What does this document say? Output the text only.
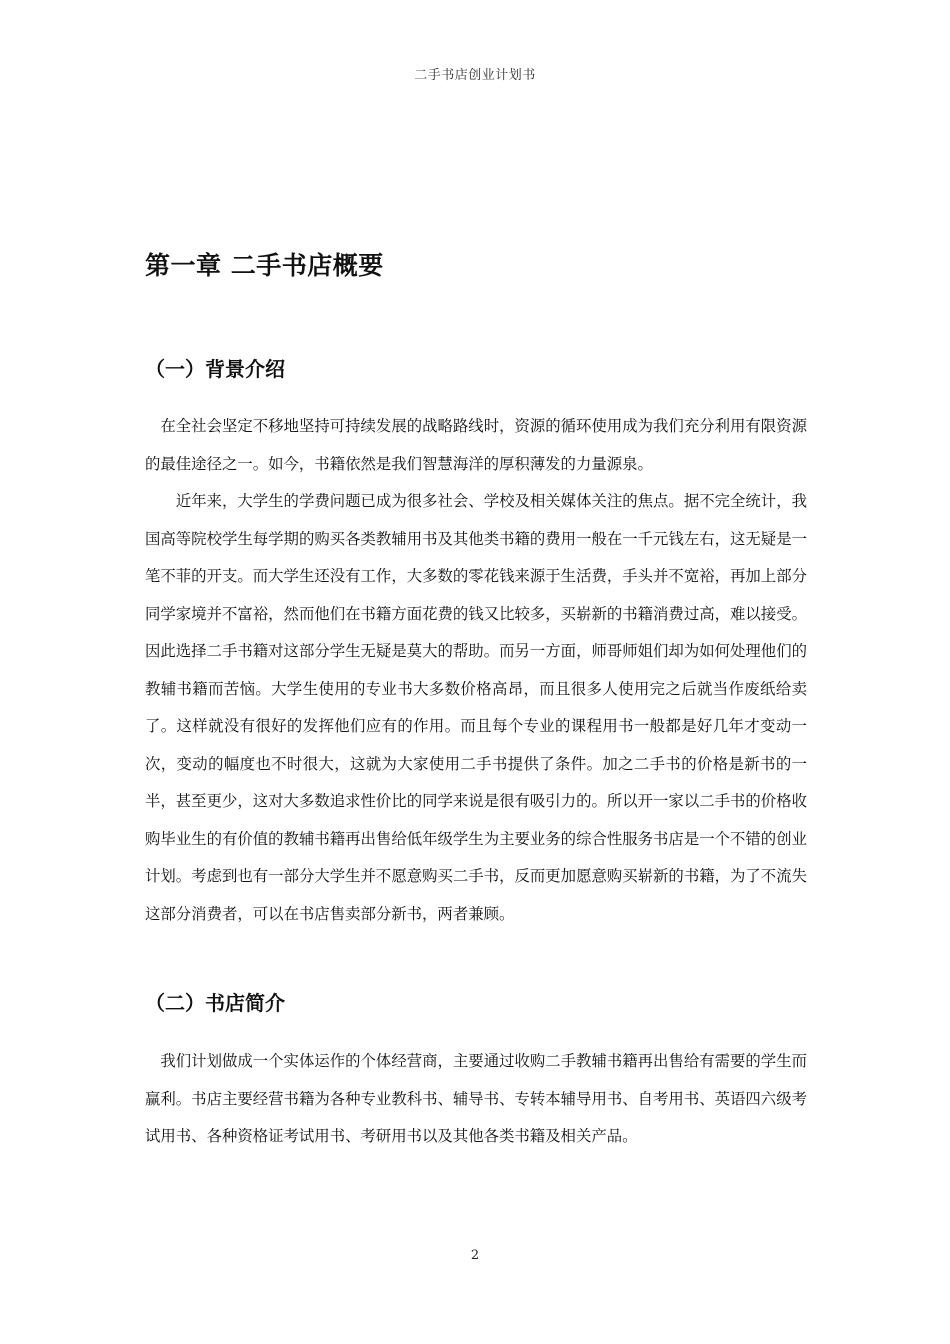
二手书店创业计划书
第一章 二手书店概要
（一）背景介绍

在全社会坚定不移地坚持可持续发展的战略路线时，资源的循环使用成为我们充分利用有限资源的最佳途径之一。如今，书籍依然是我们智慧海洋的厚积薄发的力量源泉。

近年来，大学生的学费问题已成为很多社会、学校及相关媒体关注的焦点。据不完全统计，我国高等院校学生每学期的购买各类教辅用书及其他类书籍的费用一般在一千元钱左右，这无疑是一笔不菲的开支。而大学生还没有工作，大多数的零花钱来源于生活费，手头并不宽裕，再加上部分同学家境并不富裕，然而他们在书籍方面花费的钱又比较多，买崭新的书籍消费过高，难以接受。因此选择二手书籍对这部分学生无疑是莫大的帮助。而另一方面，师哥师姐们却为如何处理他们的教辅书籍而苦恼。大学生使用的专业书大多数价格高昂，而且很多人使用完之后就当作废纸给卖了。这样就没有很好的发挥他们应有的作用。而且每个专业的课程用书一般都是好几年才变动一次，变动的幅度也不时很大，这就为大家使用二手书提供了条件。加之二手书的价格是新书的一半，甚至更少，这对大多数追求性价比的同学来说是很有吸引力的。所以开一家以二手书的价格收购毕业生的有价值的教辅书籍再出售给低年级学生为主要业务的综合性服务书店是一个不错的创业计划。考虑到也有一部分大学生并不愿意购买二手书，反而更加愿意购买崭新的书籍，为了不流失这部分消费者，可以在书店售卖部分新书，两者兼顾。

（二）书店简介

我们计划做成一个实体运作的个体经营商，主要通过收购二手教辅书籍再出售给有需要的学生而赢利。书店主要经营书籍为各种专业教科书、辅导书、专转本辅导用书、自考用书、英语四六级考试用书、各种资格证考试用书、考研用书以及其他各类书籍及相关产品。

2
